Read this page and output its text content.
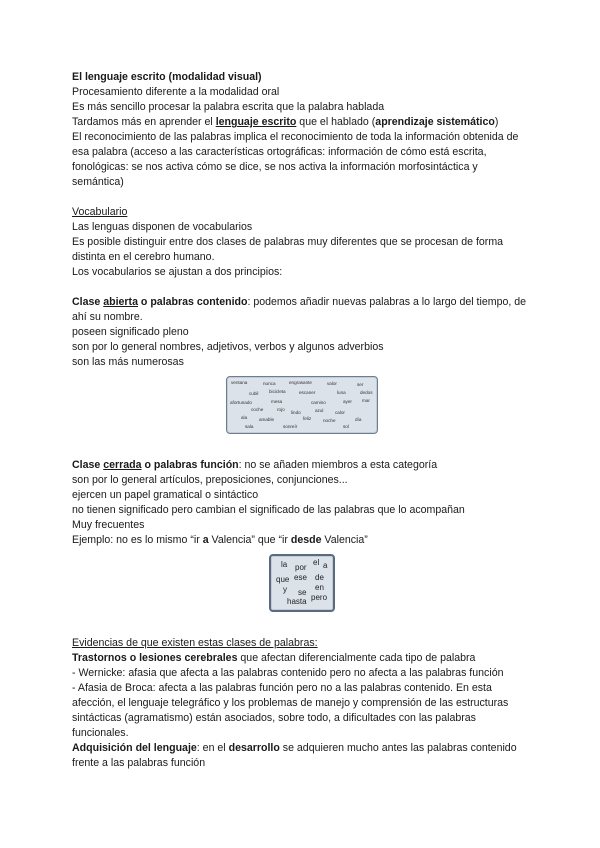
El lenguaje escrito (modalidad visual)

Procesamiento diferente a la modalidad oral

Es más sencillo procesar la palabra escrita que la palabra hablada

Tardamos más en aprender el lenguaje escrito que el hablado (aprendizaje sistemático)

El reconocimiento de las palabras implica el reconocimiento de toda la información obtenida de esa palabra (acceso a las características ortográficas: información de cómo está escrita, fonológicas: se nos activa cómo se dice, se nos activa la información morfosintáctica y semántica)

Vocabulario

Las lenguas disponen de vocabularios

Es posible distinguir entre dos clases de palabras muy diferentes que se procesan de forma distinta en el cerebro humano.

Los vocabularios se ajustan a dos principios:

Clase abierta o palabras contenido: podemos añadir nuevas palabras a lo largo del tiempo, de ahí su nombre.

poseen significado pleno

son por lo general nombres, adjetivos, verbos y algunos adverbios

son las más numerosas

ventana	nunca	engrasante	valor	ser
cubil bicicleta	escaner	luna	dedos
afortunado	mesa	camino	ayer mar
coche	rojo
lindo	azul	calor
ala	amable	feliz	noche	día
sala	sonreír	sol

Clase cerrada o palabras función: no se añaden miembros a esta categoría

son por lo general artículos, preposiciones, conjunciones...

ejercen un papel gramatical o sintáctico

no tienen significado pero cambian el significado de las palabras que lo acompañan

Muy frecuentes

Ejemplo: no es lo mismo “ir a Valencia” que “ir desde Valencia”

la por
el a
que ese de
y se
en
hasta pero

Evidencias de que existen estas clases de palabras:

Trastornos o lesiones cerebrales que afectan diferencialmente cada tipo de palabra

- Wernicke: afasia que afecta a las palabras contenido pero no afecta a las palabras función

- Afasia de Broca: afecta a las palabras función pero no a las palabras contenido. En esta afección, el lenguaje telegráfico y los problemas de manejo y comprensión de las estructuras sintácticas (agramatismo) están asociados, sobre todo, a dificultades con las palabras funcionales.

Adquisición del lenguaje: en el desarrollo se adquieren mucho antes las palabras contenido frente a las palabras función
